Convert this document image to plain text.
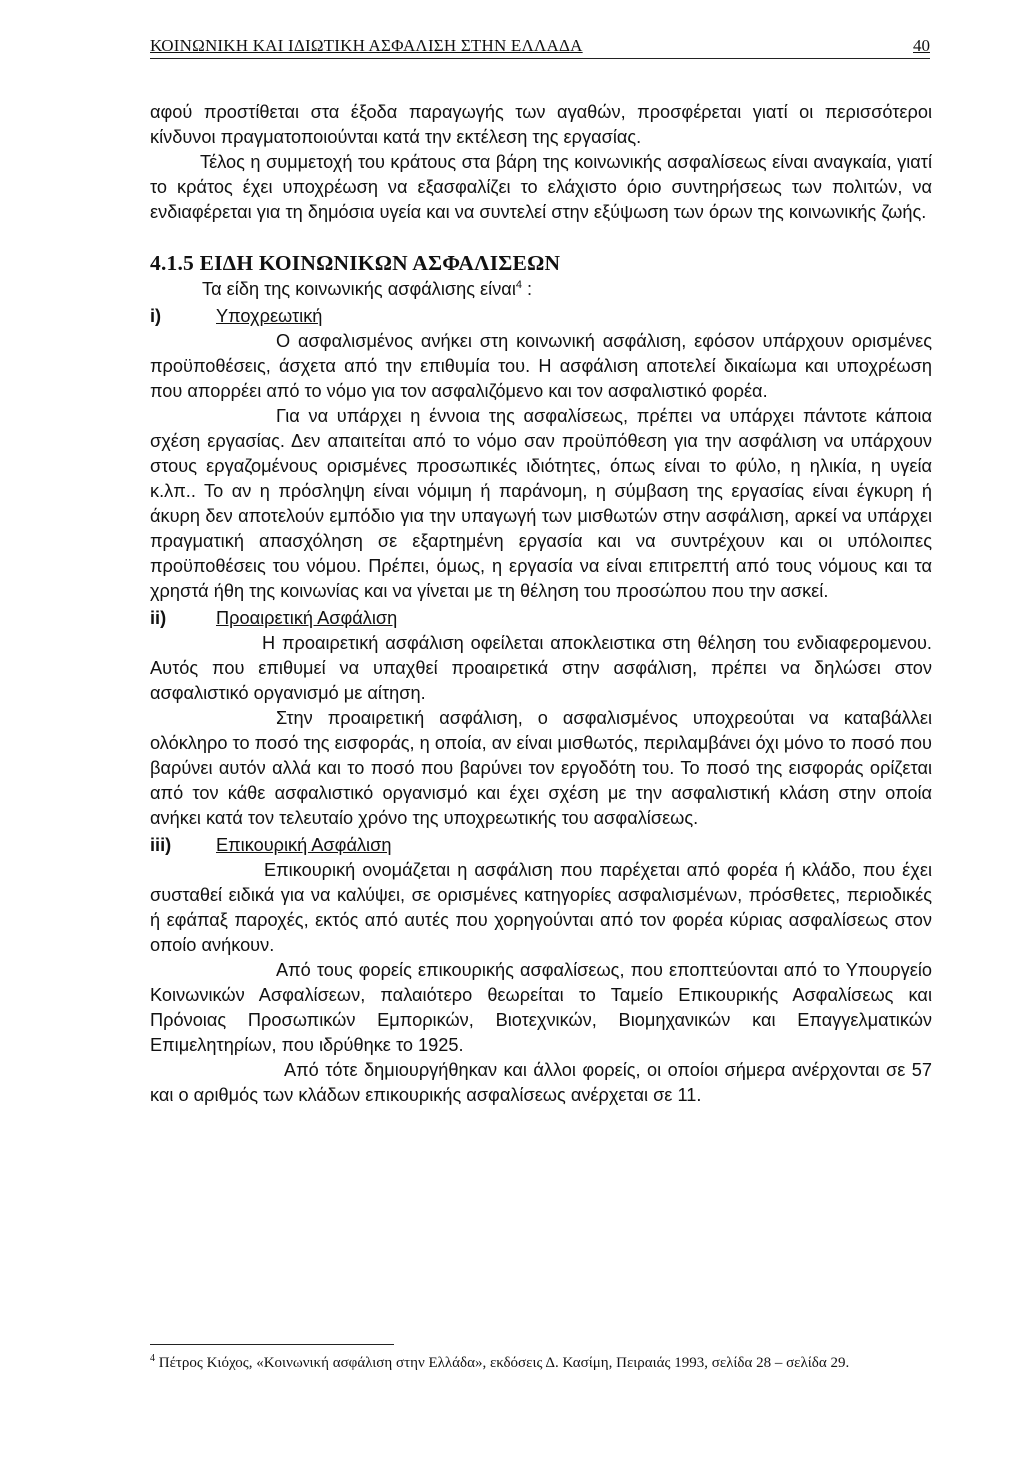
ΚΟΙΝΩΝΙΚΗ ΚΑΙ ΙΔΙΩΤΙΚΗ ΑΣΦΑΛΙΣΗ ΣΤΗΝ ΕΛΛΑΔΑ	40

αφού προστίθεται στα έξοδα παραγωγής των αγαθών, προσφέρεται γιατί οι περισσότεροι κίνδυνοι πραγματοποιούνται κατά την εκτέλεση της εργασίας.

Τέλος η συμμετοχή του κράτους στα βάρη της κοινωνικής ασφαλίσεως είναι αναγκαία, γιατί το κράτος έχει υποχρέωση να εξασφαλίζει το ελάχιστο όριο συντηρήσεως των πολιτών, να ενδιαφέρεται για τη δημόσια υγεία και να συντελεί στην εξύψωση των όρων της κοινωνικής ζωής.

4.1.5 ΕΙΔΗ ΚΟΙΝΩΝΙΚΩΝ ΑΣΦΑΛΙΣΕΩΝ

Τα είδη της κοινωνικής ασφάλισης είναι$^4$ :

i)	Υποχρεωτική

Ο ασφαλισμένος ανήκει στη κοινωνική ασφάλιση, εφόσον υπάρχουν ορισμένες προϋποθέσεις, άσχετα από την επιθυμία του. Η ασφάλιση αποτελεί δικαίωμα και υποχρέωση που απορρέει από το νόμο για τον ασφαλιζόμενο και τον ασφαλιστικό φορέα.

Για να υπάρχει η έννοια της ασφαλίσεως, πρέπει να υπάρχει πάντοτε κάποια σχέση εργασίας. Δεν απαιτείται από το νόμο σαν προϋπόθεση για την ασφάλιση να υπάρχουν στους εργαζομένους ορισμένες προσωπικές ιδιότητες, όπως είναι το φύλο, η ηλικία, η υγεία κ.λπ.. Το αν η πρόσληψη είναι νόμιμη ή παράνομη, η σύμβαση της εργασίας είναι έγκυρη ή άκυρη δεν αποτελούν εμπόδιο για την υπαγωγή των μισθωτών στην ασφάλιση, αρκεί να υπάρχει πραγματική απασχόληση σε εξαρτημένη εργασία και να συντρέχουν και οι υπόλοιπες προϋποθέσεις του νόμου. Πρέπει, όμως, η εργασία να είναι επιτρεπτή από τους νόμους και τα χρηστά ήθη της κοινωνίας και να γίνεται με τη θέληση του προσώπου που την ασκεί.

ii)	Προαιρετική Ασφάλιση

Η προαιρετική ασφάλιση οφείλεται αποκλειστικα στη θέληση του ενδιαφερομενου. Αυτός που επιθυμεί να υπαχθεί προαιρετικά στην ασφάλιση, πρέπει να δηλώσει στον ασφαλιστικό οργανισμό με αίτηση.

Στην προαιρετική ασφάλιση, ο ασφαλισμένος υποχρεούται να καταβάλλει ολόκληρο το ποσό της εισφοράς, η οποία, αν είναι μισθωτός, περιλαμβάνει όχι μόνο το ποσό που βαρύνει αυτόν αλλά και το ποσό που βαρύνει τον εργοδότη του. Το ποσό της εισφοράς ορίζεται από τον κάθε ασφαλιστικό οργανισμό και έχει σχέση με την ασφαλιστική κλάση στην οποία ανήκει κατά τον τελευταίο χρόνο της υποχρεωτικής του ασφαλίσεως.

iii) Επικουρική Ασφάλιση

Επικουρική ονομάζεται η ασφάλιση που παρέχεται από φορέα ή κλάδο, που έχει συσταθεί ειδικά για να καλύψει, σε ορισμένες κατηγορίες ασφαλισμένων, πρόσθετες, περιοδικές ή εφάπαξ παροχές, εκτός από αυτές που χορηγούνται από τον φορέα κύριας ασφαλίσεως στον οποίο ανήκουν.

Από τους φορείς επικουρικής ασφαλίσεως, που εποπτεύονται από το Υπουργείο Κοινωνικών Ασφαλίσεων, παλαιότερο θεωρείται το Ταμείο Επικουρικής Ασφαλίσεως και Πρόνοιας Προσωπικών Εμπορικών, Βιοτεχνικών, Βιομηχανικών και Επαγγελματικών Επιμελητηρίων, που ιδρύθηκε το 1925.

Από τότε δημιουργήθηκαν και άλλοι φορείς, οι οποίοι σήμερα ανέρχονται σε 57 και ο αριθμός των κλάδων επικουρικής ασφαλίσεως ανέρχεται σε 11.

$^4$ Πέτρος Κιόχος, «Κοινωνική ασφάλιση στην Ελλάδα», εκδόσεις Δ. Κασίμη, Πειραιάς 1993, σελίδα 28 – σελίδα 29.
